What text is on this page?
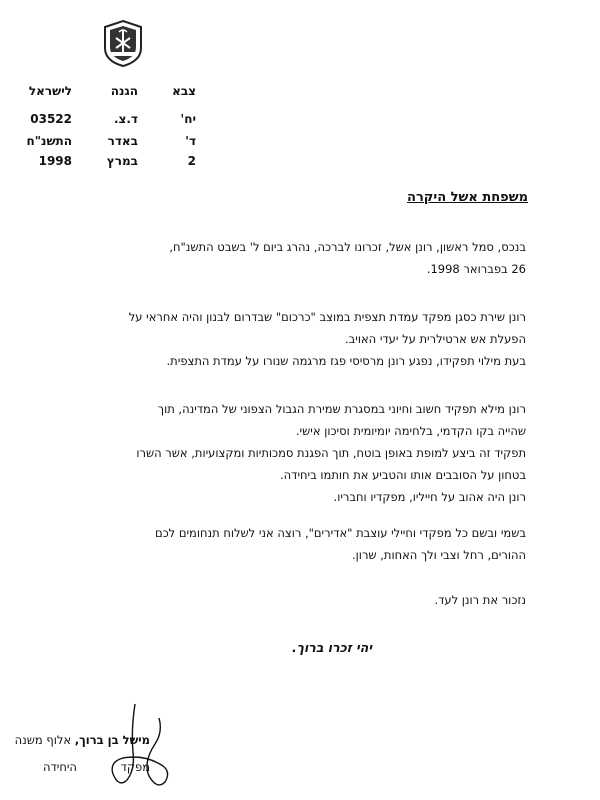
צבא
הגנה
לישראל
יח'
ד.צ.
03522
ד'
באדר
התשנ"ח
2
במרץ
1998
משפחת אשל היקרה
בנכס, סמל ראשון, רונן אשל, זכרונו לברכה, נהרג ביום ל' בשבט התשנ"ח,
26 בפברואר 1998.
רונן שירת כסגן מפקד עמדת תצפית במוצב "כרכום" שבדרום לבנון והיה אחראי על
הפעלת אש ארטילרית על יעדי האויב.
בעת מילוי תפקידו, נפגע רונן מרסיסי פגז מרגמה שנורו על עמדת התצפית.
רונן מילא תפקיד חשוב וחיוני במסגרת שמירת הגבול הצפוני של המדינה, תוך
שהייה בקו הקדמי, בלחימה יומיומית וסיכון אישי.
תפקיד זה ביצע למופת באופן בוטח, תוך הפגנת סמכותיות ומקצועיות, אשר השרו
בטחון על הסובבים אותו והטביע את חותמו ביחידה.
רונן היה אהוב על חייליו, מפקדיו וחבריו.
בשמי ובשם כל מפקדי וחיילי עוצבת "אדירים", רוצה אני לשלוח תנחומים לכם
ההורים, רחל וצבי ולך האחות, שרון.
נזכור את רונן לעד.
יהי זכרו ברוך.
מישל בן ברוך, אלוף משנה
מפקד היחידה
